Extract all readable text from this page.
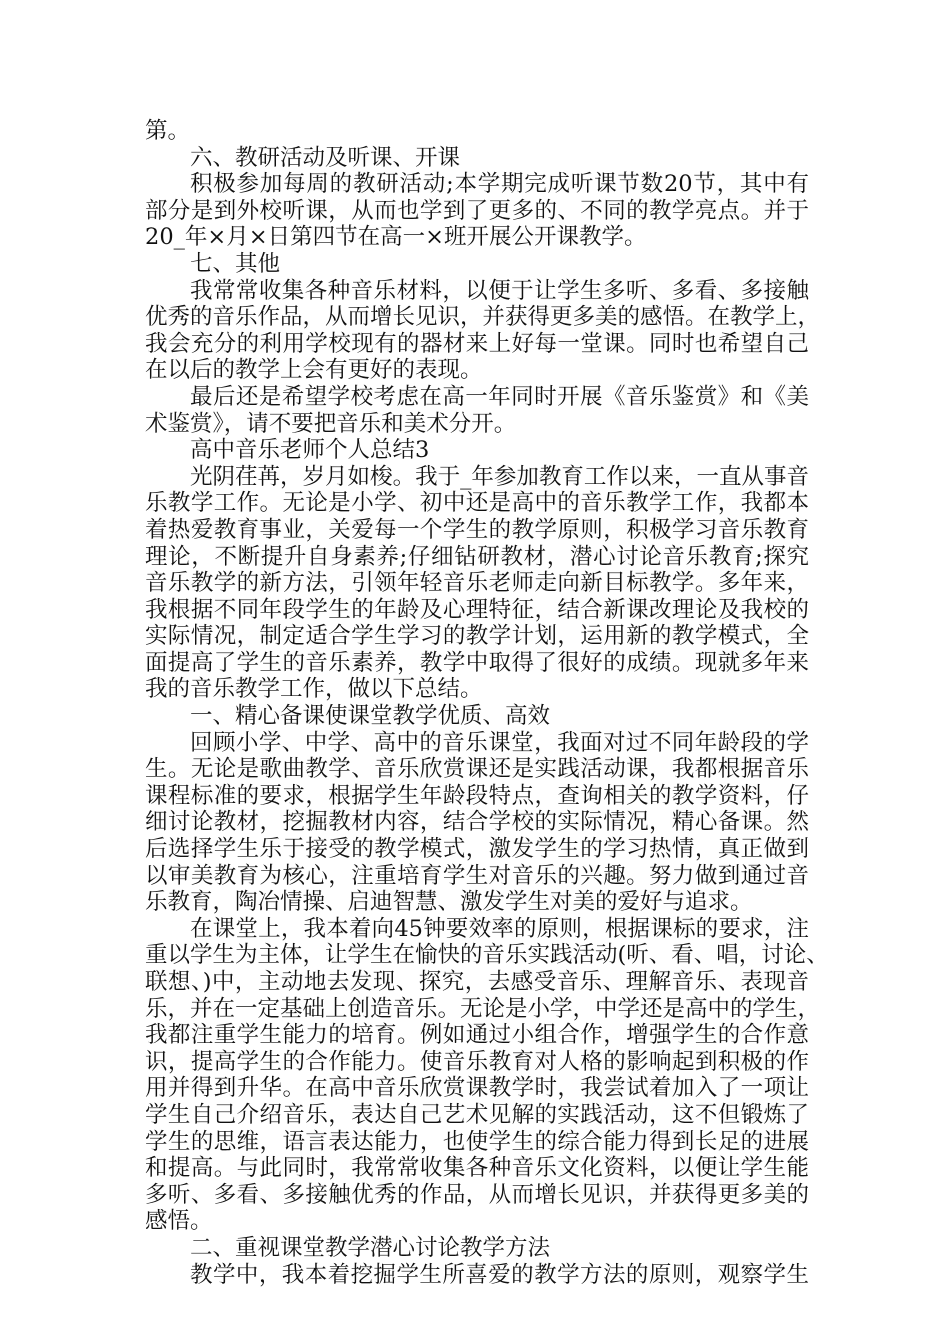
第。
六、教研活动及听课、开课
积极参加每周的教研活动;本学期完成听课节数20节，其中有
部分是到外校听课，从而也学到了更多的、不同的教学亮点。并于
20_年×月×日第四节在高一×班开展公开课教学。
七、其他
我常常收集各种音乐材料，以便于让学生多听、多看、多接触
优秀的音乐作品，从而增长见识，并获得更多美的感悟。在教学上，
我会充分的利用学校现有的器材来上好每一堂课。同时也希望自己
在以后的教学上会有更好的表现。
最后还是希望学校考虑在高一年同时开展《音乐鉴赏》和《美
术鉴赏》，请不要把音乐和美术分开。
高中音乐老师个人总结3
光阴荏苒，岁月如梭。我于_年参加教育工作以来，一直从事音
乐教学工作。无论是小学、初中还是高中的音乐教学工作，我都本
着热爱教育事业，关爱每一个学生的教学原则，积极学习音乐教育
理论，不断提升自身素养;仔细钻研教材，潜心讨论音乐教育;探究
音乐教学的新方法，引领年轻音乐老师走向新目标教学。多年来，
我根据不同年段学生的年龄及心理特征，结合新课改理论及我校的
实际情况，制定适合学生学习的教学计划，运用新的教学模式，全
面提高了学生的音乐素养，教学中取得了很好的成绩。现就多年来
我的音乐教学工作，做以下总结。
一、精心备课使课堂教学优质、高效
回顾小学、中学、高中的音乐课堂，我面对过不同年龄段的学
生。无论是歌曲教学、音乐欣赏课还是实践活动课，我都根据音乐
课程标准的要求，根据学生年龄段特点，查询相关的教学资料，仔
细讨论教材，挖掘教材内容，结合学校的实际情况，精心备课。然
后选择学生乐于接受的教学模式，激发学生的学习热情，真正做到
以审美教育为核心，注重培育学生对音乐的兴趣。努力做到通过音
乐教育，陶冶情操、启迪智慧、激发学生对美的爱好与追求。
在课堂上，我本着向45钟要效率的原则，根据课标的要求，注
重以学生为主体，让学生在愉快的音乐实践活动(听、看、唱，讨论、
联想、)中，主动地去发现、探究，去感受音乐、理解音乐、表现音
乐，并在一定基础上创造音乐。无论是小学，中学还是高中的学生，
我都注重学生能力的培育。例如通过小组合作，增强学生的合作意
识，提高学生的合作能力。使音乐教育对人格的影响起到积极的作
用并得到升华。在高中音乐欣赏课教学时，我尝试着加入了一项让
学生自己介绍音乐，表达自己艺术见解的实践活动，这不但锻炼了
学生的思维，语言表达能力，也使学生的综合能力得到长足的进展
和提高。与此同时，我常常收集各种音乐文化资料，以便让学生能
多听、多看、多接触优秀的作品，从而增长见识，并获得更多美的
感悟。
二、重视课堂教学潜心讨论教学方法
教学中，我本着挖掘学生所喜爱的教学方法的原则，观察学生
